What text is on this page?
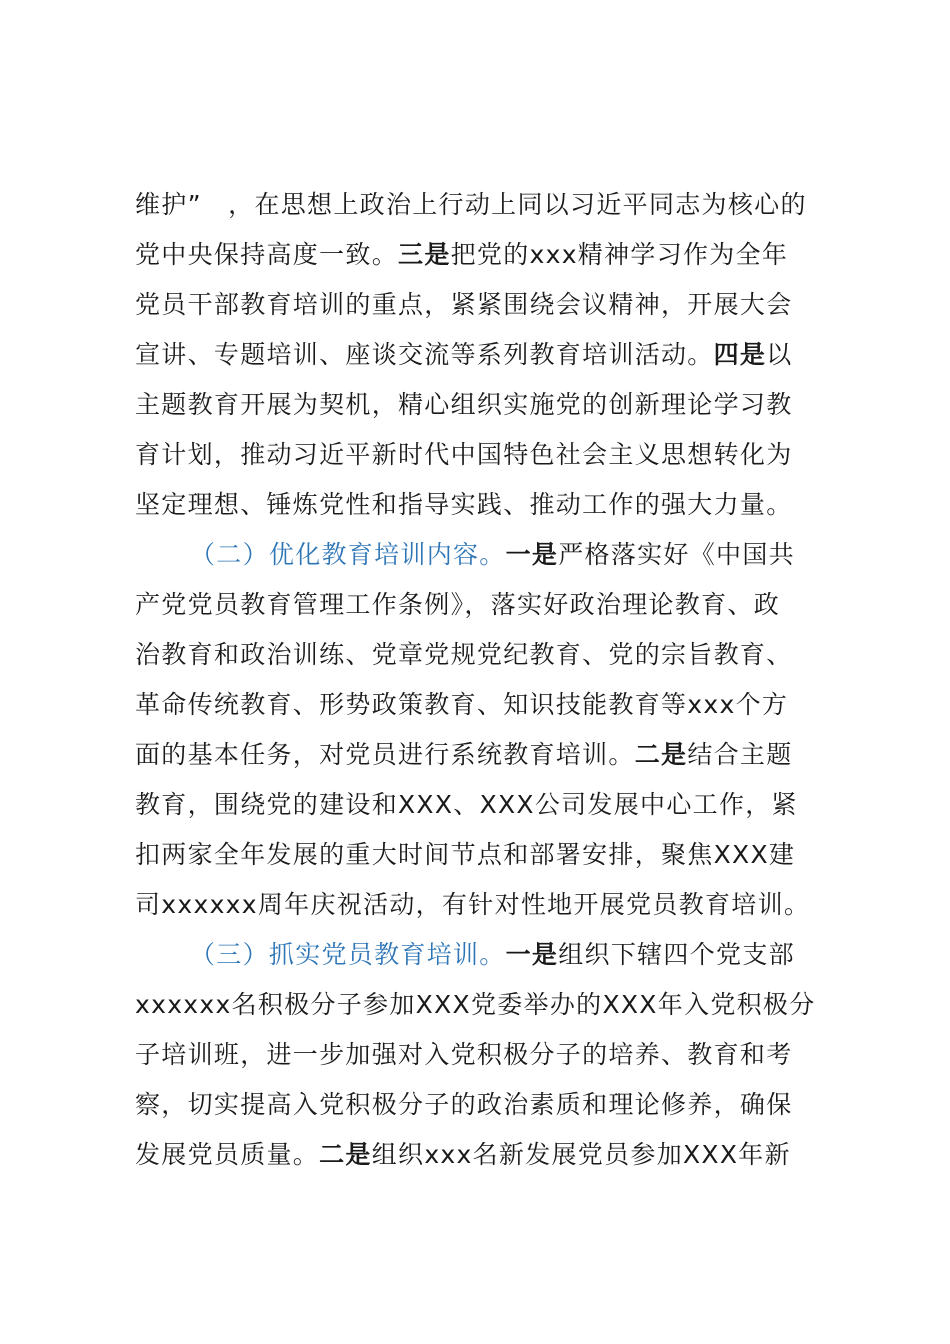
维护”　，在思想上政治上行动上同以习近平同志为核心的
党中央保持高度一致。三是把党的xxx精神学习作为全年
党员干部教育培训的重点，紧紧围绕会议精神，开展大会
宣讲、专题培训、座谈交流等系列教育培训活动。四是以
主题教育开展为契机，精心组织实施党的创新理论学习教
育计划，推动习近平新时代中国特色社会主义思想转化为
坚定理想、锤炼党性和指导实践、推动工作的强大力量。
（二）优化教育培训内容。一是严格落实好《中国共
产党党员教育管理工作条例》，落实好政治理论教育、政
治教育和政治训练、党章党规党纪教育、党的宗旨教育、
革命传统教育、形势政策教育、知识技能教育等xxx个方
面的基本任务，对党员进行系统教育培训。二是结合主题
教育，围绕党的建设和XXX、XXX公司发展中心工作，紧
扣两家全年发展的重大时间节点和部署安排，聚焦XXX建
司xxxxxx周年庆祝活动，有针对性地开展党员教育培训。
（三）抓实党员教育培训。一是组织下辖四个党支部
xxxxxx名积极分子参加XXX党委举办的XXX年入党积极分
子培训班，进一步加强对入党积极分子的培养、教育和考
察，切实提高入党积极分子的政治素质和理论修养，确保
发展党员质量。二是组织xxx名新发展党员参加XXX年新
